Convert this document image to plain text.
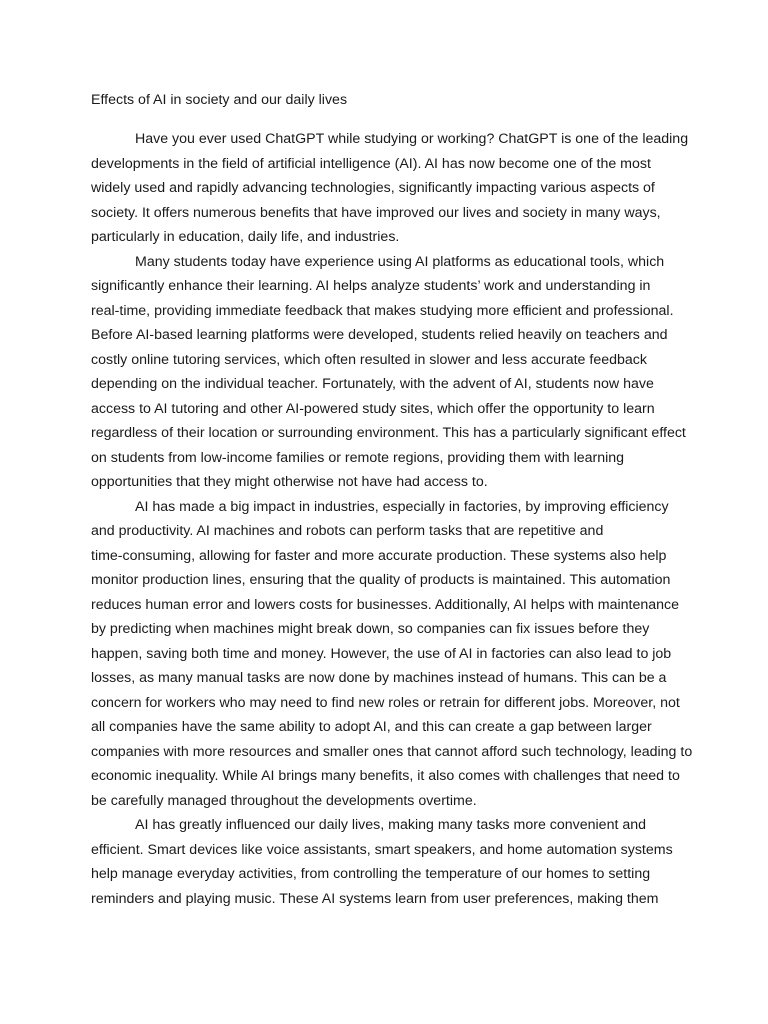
Effects of AI in society and our daily lives
Have you ever used ChatGPT while studying or working? ChatGPT is one of the leading
developments in the field of artificial intelligence (AI). AI has now become one of the most
widely used and rapidly advancing technologies, significantly impacting various aspects of
society. It offers numerous benefits that have improved our lives and society in many ways,
particularly in education, daily life, and industries.
Many students today have experience using AI platforms as educational tools, which
significantly enhance their learning. AI helps analyze students’ work and understanding in
real-time, providing immediate feedback that makes studying more efficient and professional.
Before AI-based learning platforms were developed, students relied heavily on teachers and
costly online tutoring services, which often resulted in slower and less accurate feedback
depending on the individual teacher. Fortunately, with the advent of AI, students now have
access to AI tutoring and other AI-powered study sites, which offer the opportunity to learn
regardless of their location or surrounding environment. This has a particularly significant effect
on students from low-income families or remote regions, providing them with learning
opportunities that they might otherwise not have had access to.
AI has made a big impact in industries, especially in factories, by improving efficiency
and productivity. AI machines and robots can perform tasks that are repetitive and
time-consuming, allowing for faster and more accurate production. These systems also help
monitor production lines, ensuring that the quality of products is maintained. This automation
reduces human error and lowers costs for businesses. Additionally, AI helps with maintenance
by predicting when machines might break down, so companies can fix issues before they
happen, saving both time and money. However, the use of AI in factories can also lead to job
losses, as many manual tasks are now done by machines instead of humans. This can be a
concern for workers who may need to find new roles or retrain for different jobs. Moreover, not
all companies have the same ability to adopt AI, and this can create a gap between larger
companies with more resources and smaller ones that cannot afford such technology, leading to
economic inequality. While AI brings many benefits, it also comes with challenges that need to
be carefully managed throughout the developments overtime.
AI has greatly influenced our daily lives, making many tasks more convenient and
efficient. Smart devices like voice assistants, smart speakers, and home automation systems
help manage everyday activities, from controlling the temperature of our homes to setting
reminders and playing music. These AI systems learn from user preferences, making them
